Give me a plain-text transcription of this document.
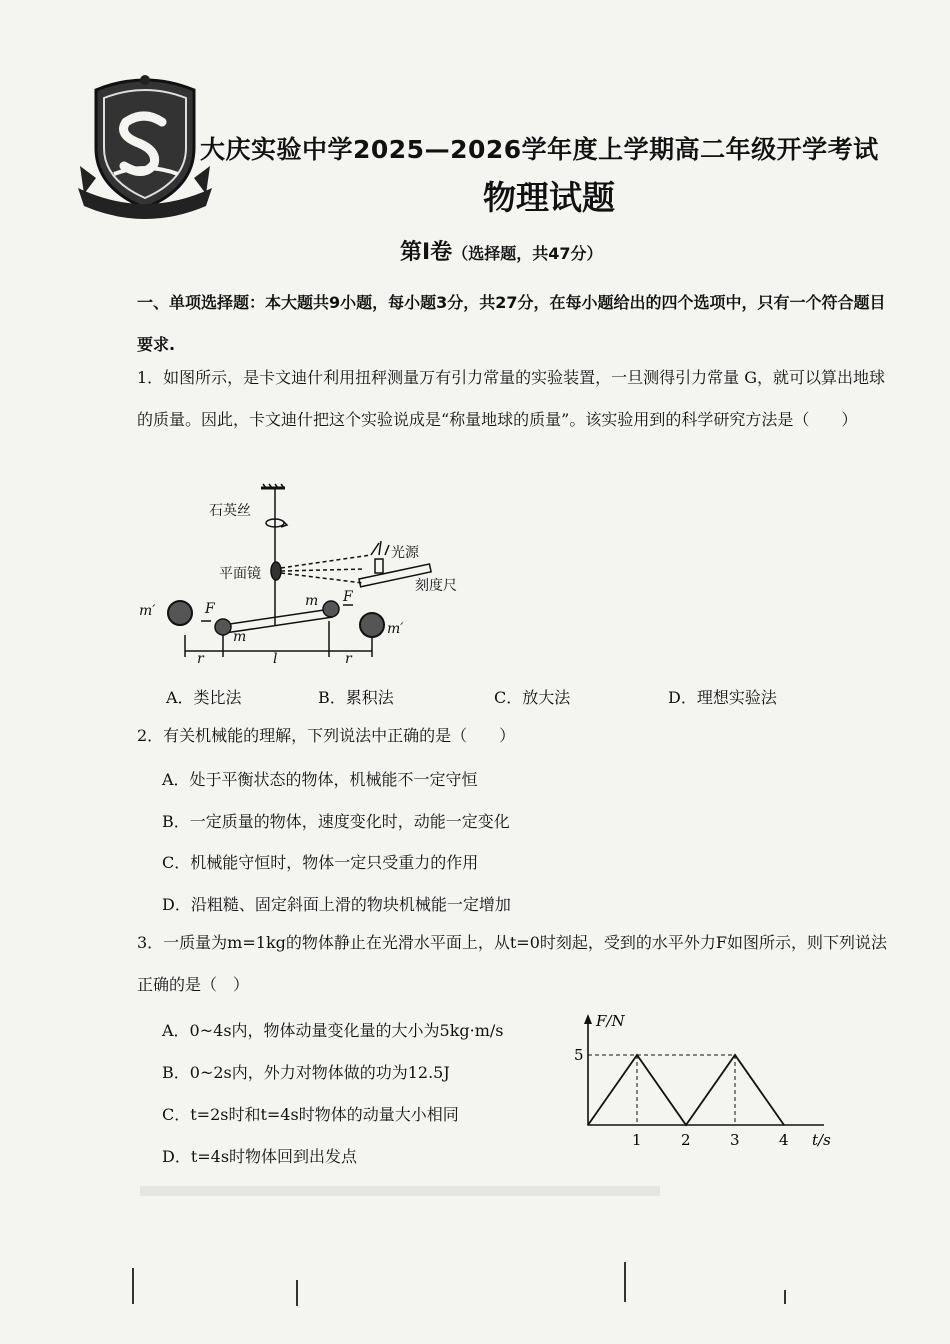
大庆实验中学2025—2026学年度上学期高二年级开学考试
物理试题
第Ⅰ卷（选择题，共47分）
一、单项选择题：本大题共9小题，每小题3分，共27分，在每小题给出的四个选项中，只有一个符合题目要求.
1．如图所示，是卡文迪什利用扭秤测量万有引力常量的实验装置，一旦测得引力常量 G，就可以算出地球的质量。因此，卡文迪什把这个实验说成是“称量地球的质量”。该实验用到的科学研究方法是（　　）
石英丝
平面镜
光源
刻度尺
m′
m′
m
m
F
F
r	l	r
A．类比法	B．累积法	C．放大法	D．理想实验法
2．有关机械能的理解，下列说法中正确的是（　　）
A．处于平衡状态的物体，机械能不一定守恒
B．一定质量的物体，速度变化时，动能一定变化
C．机械能守恒时，物体一定只受重力的作用
D．沿粗糙、固定斜面上滑的物块机械能一定增加
3．一质量为m=1kg的物体静止在光滑水平面上，从t=0时刻起，受到的水平外力F如图所示，则下列说法正确的是（　）
A．0~4s内，物体动量变化量的大小为5kg·m/s
B．0~2s内，外力对物体做的功为12.5J
C．t=2s时和t=4s时物体的动量大小相同
D．t=4s时物体回到出发点
F/N
t/s
5
1	2	3	4
